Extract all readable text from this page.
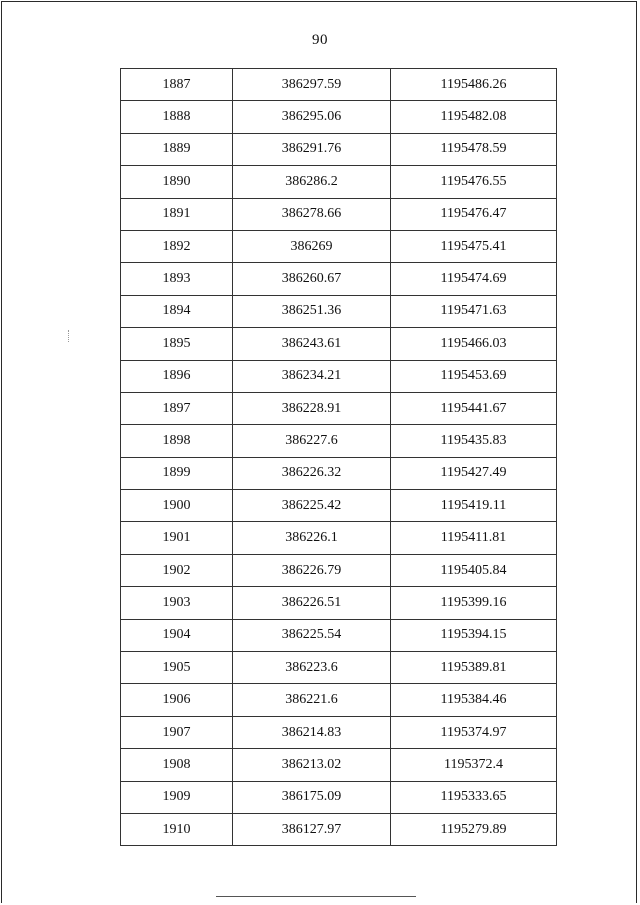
90
1887	386297.59	1195486.26
1888	386295.06	1195482.08
1889	386291.76	1195478.59
1890	386286.2	1195476.55
1891	386278.66	1195476.47
1892	386269	1195475.41
1893	386260.67	1195474.69
1894	386251.36	1195471.63
1895	386243.61	1195466.03
1896	386234.21	1195453.69
1897	386228.91	1195441.67
1898	386227.6	1195435.83
1899	386226.32	1195427.49
1900	386225.42	1195419.11
1901	386226.1	1195411.81
1902	386226.79	1195405.84
1903	386226.51	1195399.16
1904	386225.54	1195394.15
1905	386223.6	1195389.81
1906	386221.6	1195384.46
1907	386214.83	1195374.97
1908	386213.02	1195372.4
1909	386175.09	1195333.65
1910	386127.97	1195279.89
